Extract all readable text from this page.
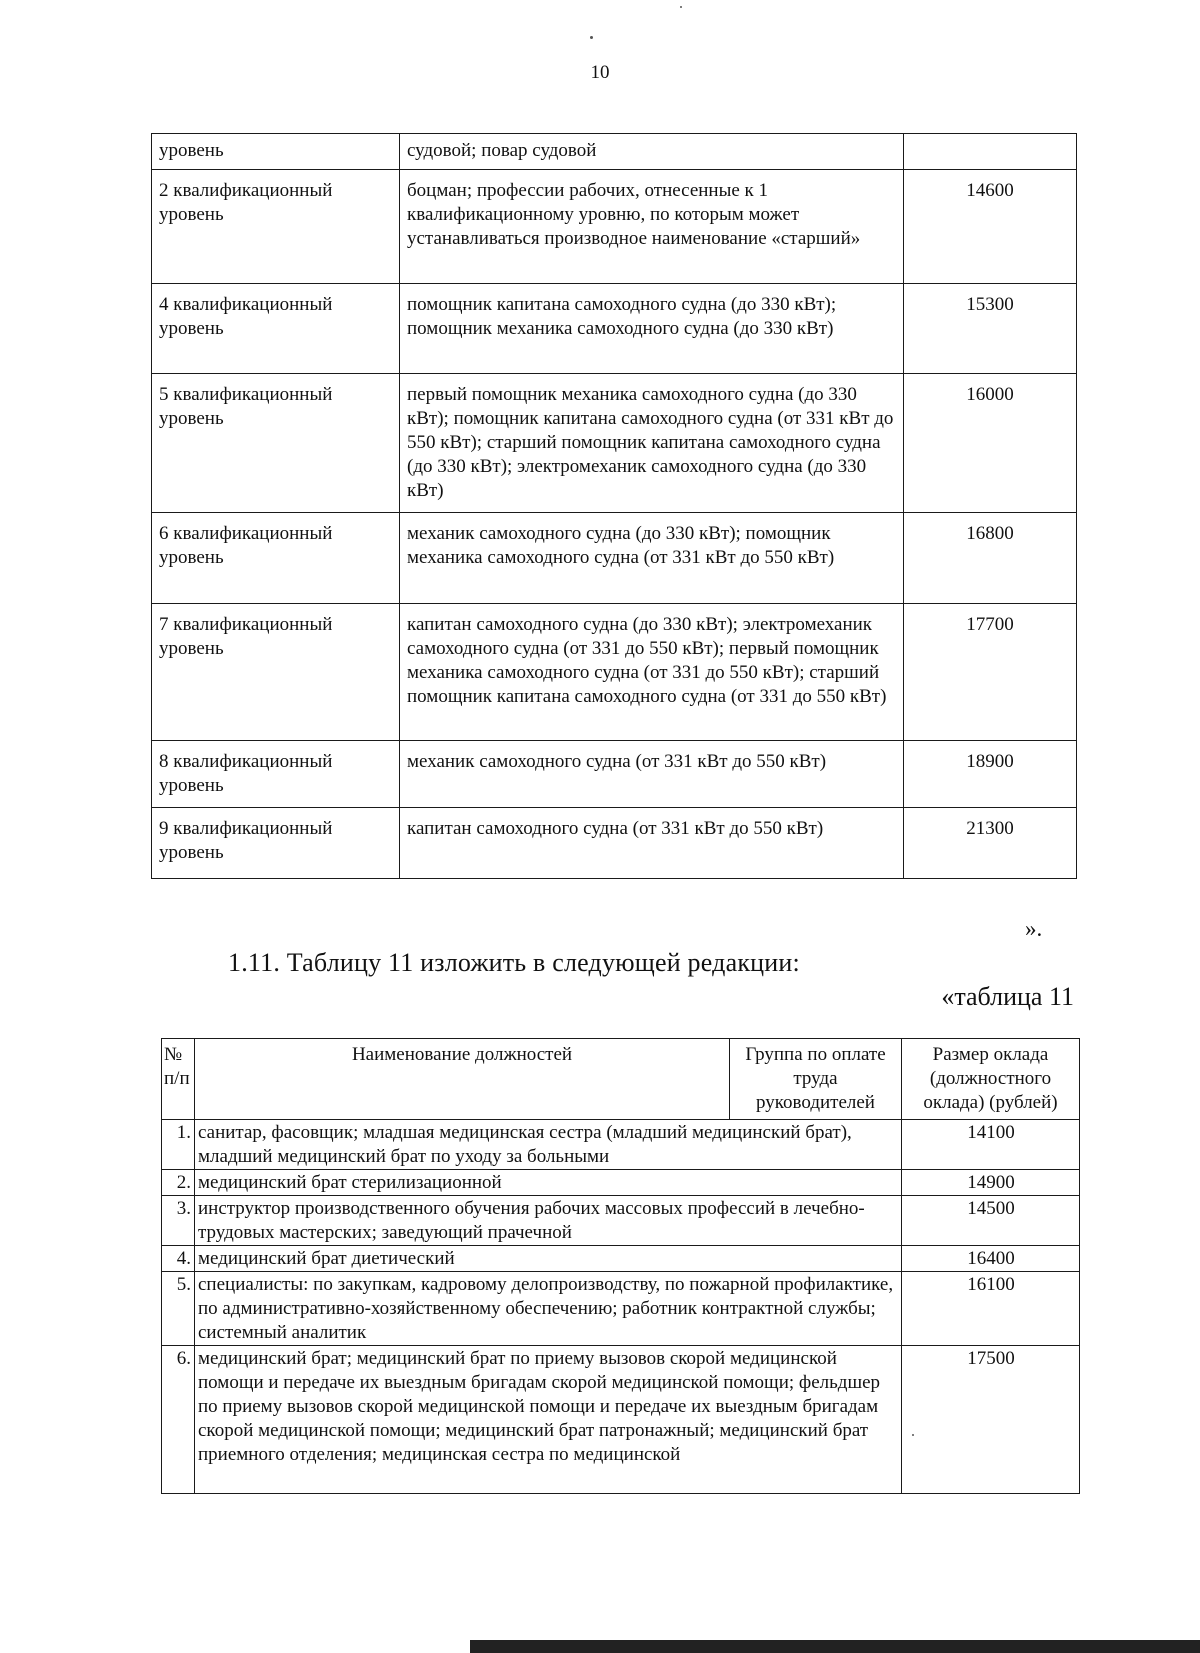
10
уровень	судовой; повар судовой	
2 квалификационный уровень	боцман; профессии рабочих, отнесенные к 1 квалификационному уровню, по которым может устанавливаться производное наименование «старший»	14600
4 квалификационный уровень	помощник капитана самоходного судна (до 330 кВт); помощник механика самоходного судна (до 330 кВт)	15300
5 квалификационный уровень	первый помощник механика самоходного судна (до 330 кВт); помощник капитана самоходного судна (от 331 кВт до 550 кВт); старший помощник капитана самоходного судна (до 330 кВт); электромеханик самоходного судна (до 330 кВт)	16000
6 квалификационный уровень	механик самоходного судна (до 330 кВт); помощник механика самоходного судна (от 331 кВт до 550 кВт)	16800
7 квалификационный уровень	капитан самоходного судна (до 330 кВт); электромеханик самоходного судна (от 331 до 550 кВт); первый помощник механика самоходного судна (от 331 до 550 кВт); старший помощник капитана самоходного судна (от 331 до 550 кВт)	17700
8 квалификационный уровень	механик самоходного судна (от 331 кВт до 550 кВт)	18900
9 квалификационный уровень	капитан самоходного судна (от 331 кВт до 550 кВт)	21300
».
1.11. Таблицу 11 изложить в следующей редакции:
«таблица 11
№ п/п	Наименование должностей	Группа по оплате труда руководителей	Размер оклада (должностного оклада) (рублей)
1.	санитар, фасовщик; младшая медицинская сестра (младший медицинский брат), младший медицинский брат по уходу за больными		14100
2.	медицинский брат стерилизационной		14900
3.	инструктор производственного обучения рабочих массовых профессий в лечебно-трудовых мастерских; заведующий прачечной		14500
4.	медицинский брат диетический		16400
5.	специалисты: по закупкам, кадровому делопроизводству, по пожарной профилактике, по административно-хозяйственному обеспечению; работник контрактной службы; системный аналитик		16100
6.	медицинский брат; медицинский брат по приему вызовов скорой медицинской помощи и передаче их выездным бригадам скорой медицинской помощи; фельдшер по приему вызовов скорой медицинской помощи и передаче их выездным бригадам скорой медицинской помощи; медицинский брат патронажный; медицинский брат приемного отделения; медицинская сестра по медицинской		17500
